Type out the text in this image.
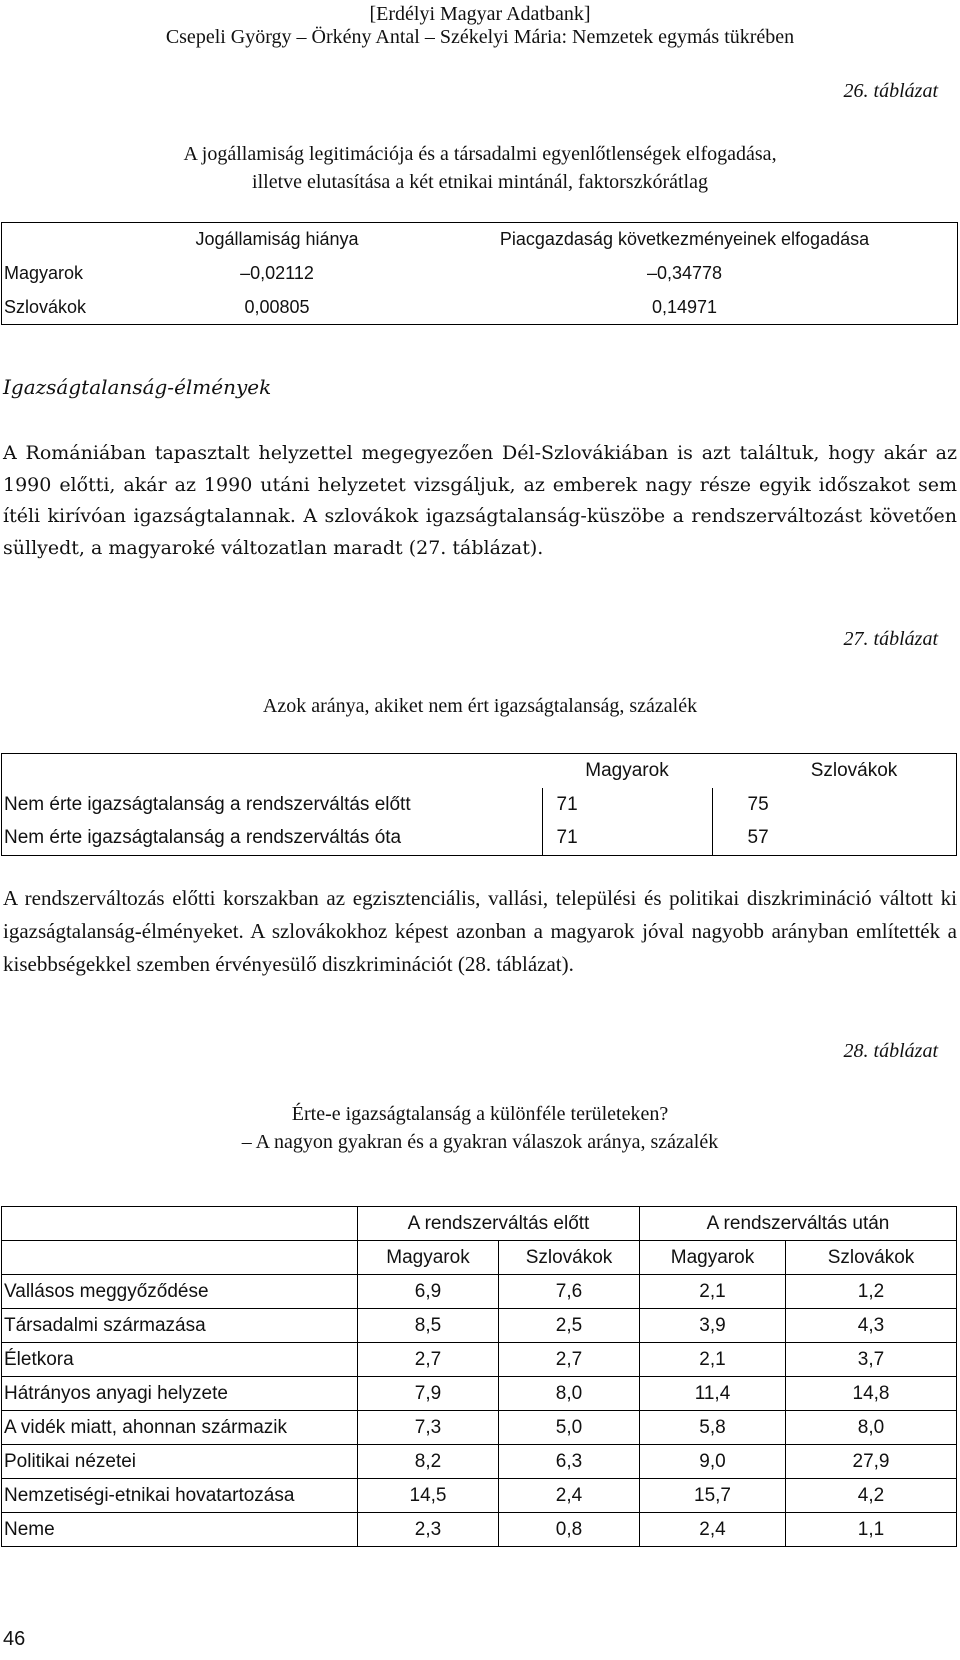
[Erdélyi Magyar Adatbank]
Csepeli György – Örkény Antal – Székelyi Mária: Nemzetek egymás tükrében
26. táblázat
A jogállamiság legitimációja és a társadalmi egyenlőtlenségek elfogadása,
illetve elutasítása a két etnikai mintánál, faktorszkórátlag
	Jogállamiság hiánya	Piacgazdaság következményeinek elfogadása
Magyarok	–0,02112	–0,34778
Szlovákok	0,00805	0,14971
Igazságtalanság-élmények
A Romániában tapasztalt helyzettel megegyezően Dél-Szlovákiában is azt találtuk, hogy akár az 1990 előtti, akár az 1990 utáni helyzetet vizsgáljuk, az emberek nagy része egyik időszakot sem ítéli kirívóan igazságtalannak. A szlovákok igazságtalanság-küszöbe a rendszerváltozást követően süllyedt, a magyaroké változatlan maradt (27. táblázat).
27. táblázat
Azok aránya, akiket nem ért igazságtalanság, százalék
	Magyarok	Szlovákok
Nem érte igazságtalanság a rendszerváltás előtt	71	75
Nem érte igazságtalanság a rendszerváltás óta	71	57
A rendszerváltozás előtti korszakban az egzisztenciális, vallási, települési és politikai diszkrimináció váltott ki igazságtalanság-élményeket. A szlovákokhoz képest azonban a magyarok jóval nagyobb arányban említették a kisebbségekkel szemben érvényesülő diszkriminációt (28. táblázat).
28. táblázat
Érte-e igazságtalanság a különféle területeken?
– A nagyon gyakran és a gyakran válaszok aránya, százalék
	A rendszerváltás előtt		A rendszerváltás után	
	Magyarok	Szlovákok	Magyarok	Szlovákok
Vallásos meggyőződése	6,9	7,6	2,1	1,2
Társadalmi származása	8,5	2,5	3,9	4,3
Életkora	2,7	2,7	2,1	3,7
Hátrányos anyagi helyzete	7,9	8,0	11,4	14,8
A vidék miatt, ahonnan származik	7,3	5,0	5,8	8,0
Politikai nézetei	8,2	6,3	9,0	27,9
Nemzetiségi-etnikai hovatartozása	14,5	2,4	15,7	4,2
Neme	2,3	0,8	2,4	1,1
46
